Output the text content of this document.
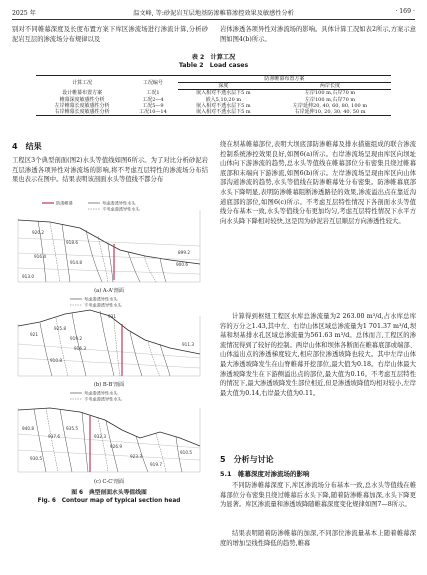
2025 年	温文峰, 等:砂泥岩互层地基防渗帷幕渗控效果及敏感性分析	· 169 ·
别对不同帷幕深度及长度布置方案下库区渗流场进行渗流计算,分析砂泥岩互层的渗流场分布规律以及
岩体渗透各项异性对渗流场的影响。具体计算工况如表2所示,方案示意图如图4(b)所示。
表 2　计算工况
Table 2　Load cases
计算工况	工况编号	防渗帷幕布置方案	
		深度	两岸长度
设计帷幕布置方案	工况1	嵌入相对不透水层下5 m	左岸100 m,右岸70 m
帷幕深度敏感性分析	工况2—4	嵌入5,10,20 m	左岸100 m,右岸70 m
左岸帷幕长度敏感性分析	工况5—9	嵌入相对不透水层下5 m	左岸延伸20, 40, 60, 80, 100 m
右岸帷幕长度敏感性分析	工况10—14	嵌入相对不透水层下5 m	右岸延伸10, 20, 30, 40, 50 m
4　结果
工程区3个典型剖面(图2)水头等值线如图6所示。为了对比分析砂泥岩互层渗透各项异性对渗流场的影响,将不考虑互层特性的渗流场分布结果也表示在图中。结果表明该剖面水头等值线不都分布
防渗帷幕	考虑渗透异性水头
不考虑渗透异性水头
920.2
918.6
916.4
914.8
899.2
900.6
913.0
(a) A-A'剖面
考虑渗透异性水头
不考虑渗透异性水头
931
925.8
921
919.2
916.3
910.8
911.3
(b) B-B'剖面
考虑渗透异性水头
不考虑渗透异性水头
940.8
937.6
935.5
932.3
926.9
923.3
919.7
930.5
910.5
(c) C-C'剖面
图 6　典型剖面水头等值线图
Fig. 6　Contour map of typical section head
绕在坝基帷幕部位,表明大坝底部防渗帷幕及排水措施组成的联合渗流控制系统渗控效果良好,如图6(a)所示。右岸渗流场呈现由库区向坝址山体向下游渗流的趋势,总水头等值线在帷幕部位分布密集且绕过帷幕底部和末端向下游渗流,如图6(b)所示。左岸渗流场呈现由库区向山体部沟道渗流的趋势,水头等值线在防渗帷幕处分布密集。防渗帷幕底部水头下降明显,表明防渗帷幕阻断渗透路径的效果,渗流溢出点在靠近沟道底部的部位,如图6(c)所示。不考虑互层特性情况下各剖面水头等值线分布基本一致,水头等值线分布更加均匀,考虑互层特性情况下水平方向水头降下降相对较快,这是因为砂泥岩互层顺层方向渗透性较大。
计算得到枢纽工程区水库总渗流量为2 263.00 m³/d,占水库总库容的万分之1.43,其中左、右岸山体区域总渗流量为1 701.37 m³/d,坝基和坝基排水孔区域总渗流量为561.63 m³/d。总体而言,工程区的渗流情况得到了较好的控制。两岸山体和坝体各断面在帷幕底部或端部、山体溢出点的渗透梯度较大,相应部位渗透坡降也较大。其中左岸山体最大渗透坡降发生在山脊帷幕开挖部位,最大值为0.18。右岸山体最大渗透坡降发生在下游侧溢出点的部位,最大值为0.16。不考虑互层特性的情况下,最大渗透坡降发生部位相近,但是渗透坡降值均相对较小,左岸最大值为0.14,右岸最大值为0.11。
5　分析与讨论
5.1　帷幕深度对渗流场的影响
不同防渗帷幕深度下,库区渗流场分布基本一致,总水头等值线在帷幕部位分布密集且绕过帷幕后水头下降,随着防渗帷幕加深,水头下降更为显著。库区渗流量和渗透坡降随帷幕深度变化规律如图7—8所示。
结果表明随着防渗帷幕的加深,不同部位渗流量基本上随着帷幕深度的增加呈线性降低的趋势,帷幕
